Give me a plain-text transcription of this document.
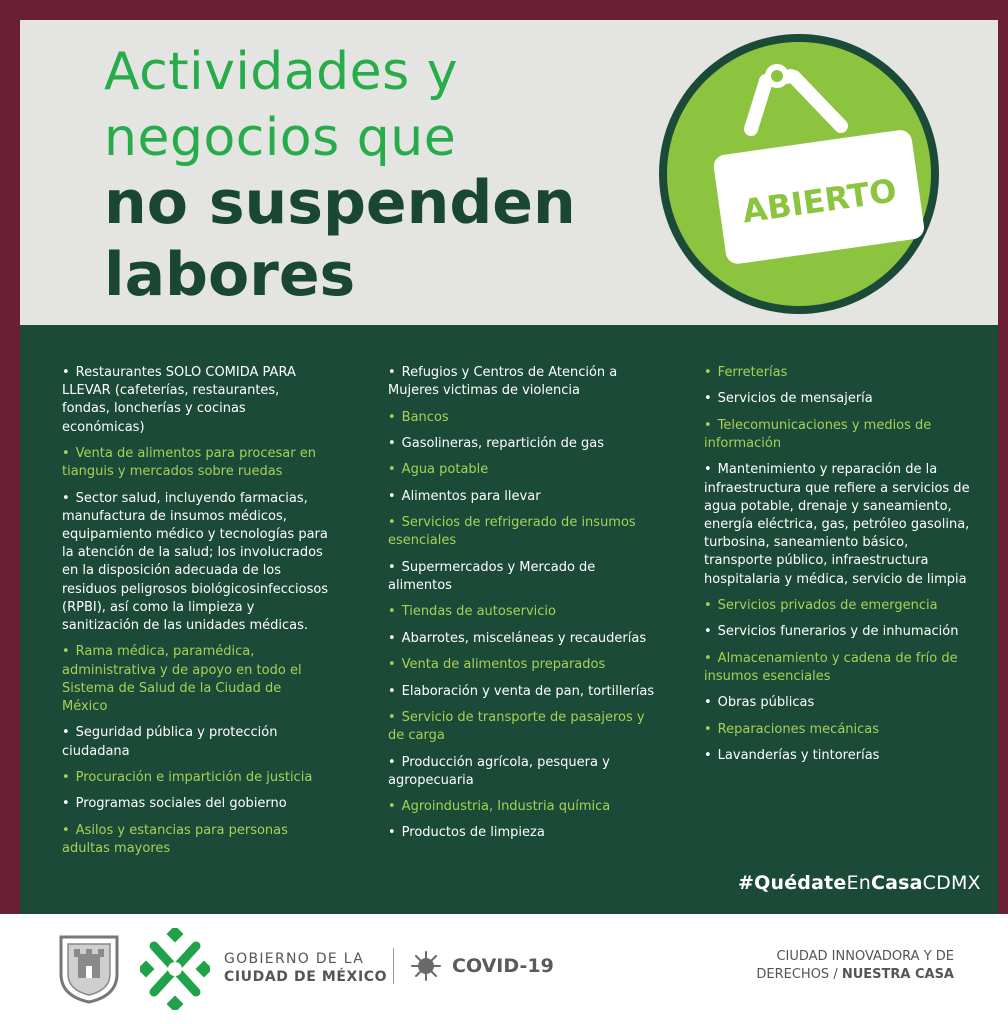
Actividades y
negocios que
no suspenden
labores
ABIERTO

• Restaurantes SOLO COMIDA PARA LLEVAR (cafeterías, restaurantes, fondas, loncherías y cocinas económicas)

• Venta de alimentos para procesar en tianguis y mercados sobre ruedas

• Sector salud, incluyendo farmacias, manufactura de insumos médicos, equipamiento médico y tecnologías para la atención de la salud; los involucrados en la disposición adecuada de los residuos peligrosos biológicosinfecciosos (RPBI), así como la limpieza y sanitización de las unidades médicas.

• Rama médica, paramédica, administrativa y de apoyo en todo el Sistema de Salud de la Ciudad de México

• Seguridad pública y protección ciudadana

• Procuración e impartición de justicia

• Programas sociales del gobierno

• Asilos y estancias para personas adultas mayores

• Refugios y Centros de Atención a Mujeres victimas de violencia

• Bancos

• Gasolineras, repartición de gas

• Agua potable

• Alimentos para llevar

• Servicios de refrigerado de insumos esenciales

• Supermercados y Mercado de alimentos

• Tiendas de autoservicio

• Abarrotes, misceláneas y recauderías

• Venta de alimentos preparados

• Elaboración y venta de pan, tortillerías

• Servicio de transporte de pasajeros y de carga

• Producción agrícola, pesquera y agropecuaria

• Agroindustria, Industria química

• Productos de limpieza

• Ferreterías

• Servicios de mensajería

• Telecomunicaciones y medios de información

• Mantenimiento y reparación de la infraestructura que refiere a servicios de agua potable, drenaje y saneamiento, energía eléctrica, gas, petróleo gasolina, turbosina, saneamiento básico, transporte público, infraestructura hospitalaria y médica, servicio de limpia

• Servicios privados de emergencia

• Servicios funerarios y de inhumación

• Almacenamiento y cadena de frío de insumos esenciales

• Obras públicas

• Reparaciones mecánicas

• Lavanderías y tintorerías

#QuédateEnCasaCDMX
GOBIERNO DE LA
CIUDAD DE MÉXICO	COVID-19	CIUDAD INNOVADORA Y DE
DERECHOS / NUESTRA CASA
